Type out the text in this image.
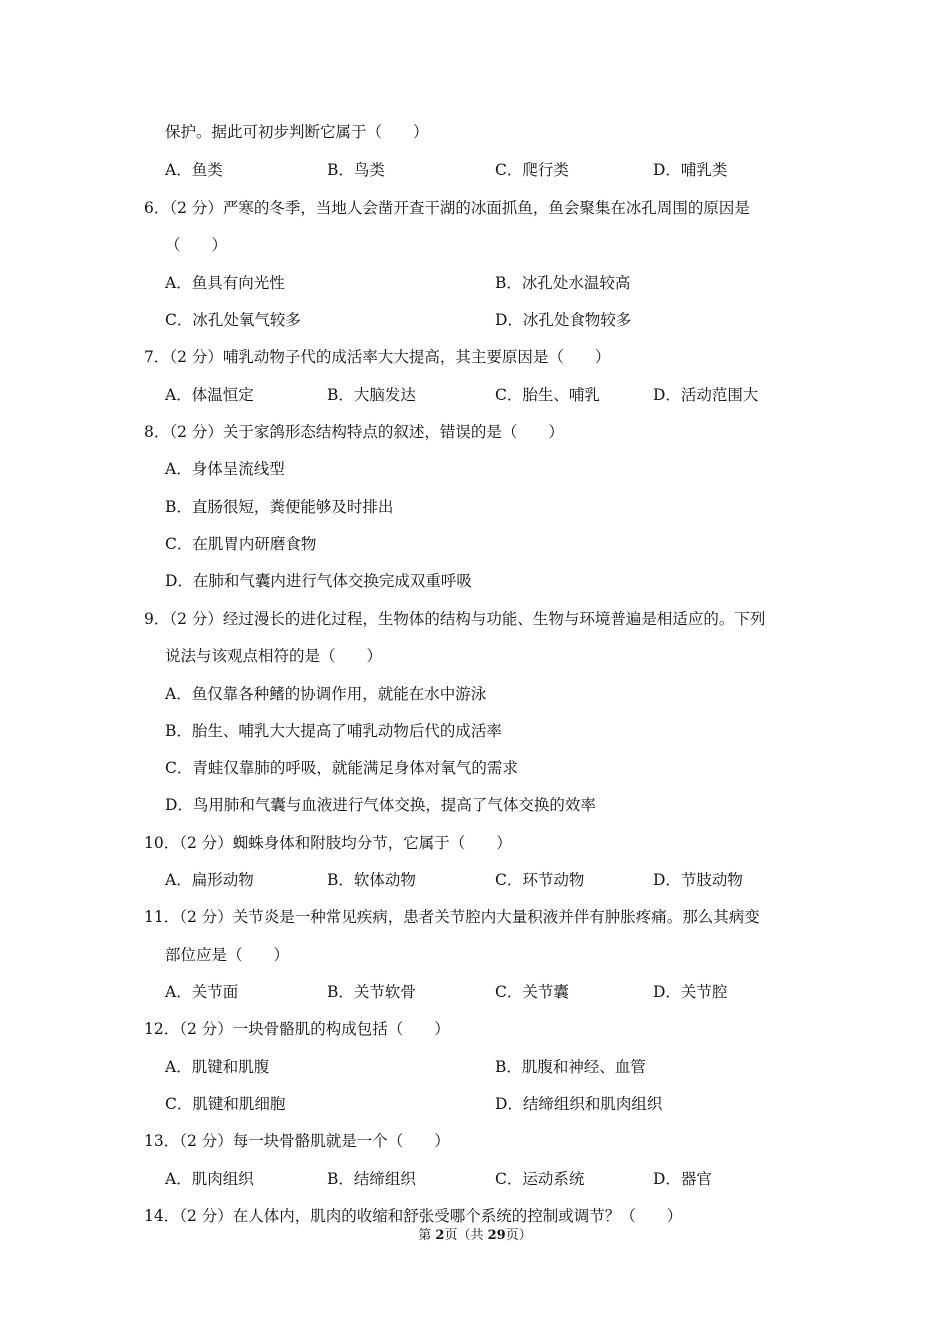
保护。据此可初步判断它属于（　　）
A．鱼类	B．鸟类	C．爬行类	D．哺乳类
6．（2 分）严寒的冬季，当地人会凿开查干湖的冰面抓鱼，鱼会聚集在冰孔周围的原因是
（　　）
A．鱼具有向光性	B．冰孔处水温较高
C．冰孔处氧气较多	D．冰孔处食物较多
7．（2 分）哺乳动物子代的成活率大大提高，其主要原因是（　　）
A．体温恒定	B．大脑发达	C．胎生、哺乳	D．活动范围大
8．（2 分）关于家鸽形态结构特点的叙述，错误的是（　　）
A．身体呈流线型
B．直肠很短，粪便能够及时排出
C．在肌胃内研磨食物
D．在肺和气囊内进行气体交换完成双重呼吸
9．（2 分）经过漫长的进化过程，生物体的结构与功能、生物与环境普遍是相适应的。下列
说法与该观点相符的是（　　）
A．鱼仅靠各种鳍的协调作用，就能在水中游泳
B．胎生、哺乳大大提高了哺乳动物后代的成活率
C．青蛙仅靠肺的呼吸，就能满足身体对氧气的需求
D．鸟用肺和气囊与血液进行气体交换，提高了气体交换的效率
10．（2 分）蜘蛛身体和附肢均分节，它属于（　　）
A．扁形动物	B．软体动物	C．环节动物	D．节肢动物
11．（2 分）关节炎是一种常见疾病，患者关节腔内大量积液并伴有肿胀疼痛。那么其病变
部位应是（　　）
A．关节面	B．关节软骨	C．关节囊	D．关节腔
12．（2 分）一块骨骼肌的构成包括（　　）
A．肌键和肌腹	B．肌腹和神经、血管
C．肌键和肌细胞	D．结缔组织和肌肉组织
13．（2 分）每一块骨骼肌就是一个（　　）
A．肌肉组织	B．结缔组织	C．运动系统	D．器官
14．（2 分）在人体内，肌肉的收缩和舒张受哪个系统的控制或调节？（　　）
第 2页（共 29页）
